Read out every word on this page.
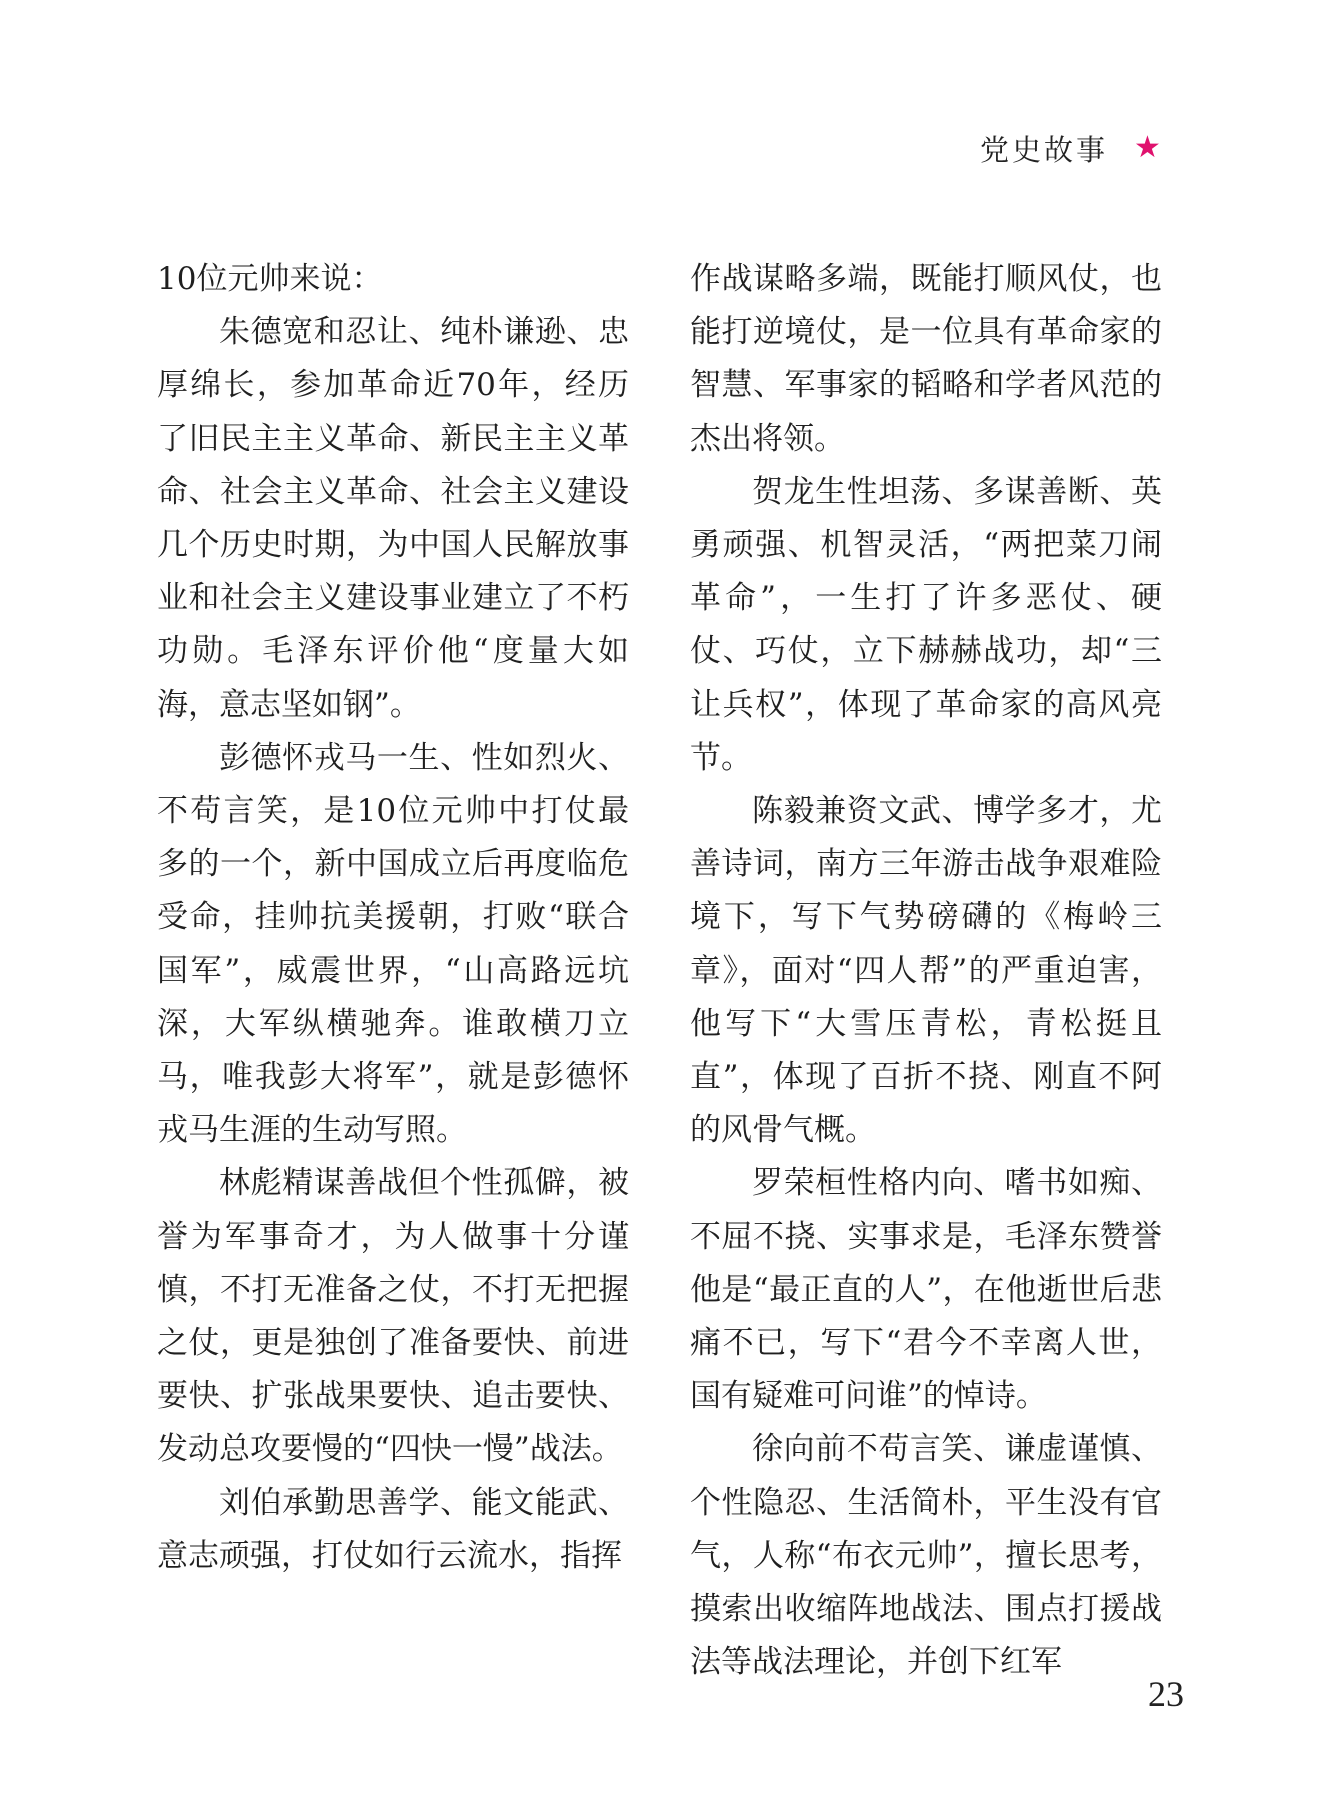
党史故事 ★

10位元帅来说：

朱德宽和忍让、纯朴谦逊、忠厚绵长，参加革命近70年，经历了旧民主主义革命、新民主主义革命、社会主义革命、社会主义建设几个历史时期，为中国人民解放事业和社会主义建设事业建立了不朽功勋。毛泽东评价他“度量大如海，意志坚如钢”。

彭德怀戎马一生、性如烈火、不苟言笑，是10位元帅中打仗最多的一个，新中国成立后再度临危受命，挂帅抗美援朝，打败“联合国军”，威震世界，“山高路远坑深，大军纵横驰奔。谁敢横刀立马，唯我彭大将军”，就是彭德怀戎马生涯的生动写照。

林彪精谋善战但个性孤僻，被誉为军事奇才，为人做事十分谨慎，不打无准备之仗，不打无把握之仗，更是独创了准备要快、前进要快、扩张战果要快、追击要快、发动总攻要慢的“四快一慢”战法。

刘伯承勤思善学、能文能武、意志顽强，打仗如行云流水，指挥

作战谋略多端，既能打顺风仗，也能打逆境仗，是一位具有革命家的智慧、军事家的韬略和学者风范的杰出将领。

贺龙生性坦荡、多谋善断、英勇顽强、机智灵活，“两把菜刀闹革命”，一生打了许多恶仗、硬仗、巧仗，立下赫赫战功，却“三让兵权”，体现了革命家的高风亮节。

陈毅兼资文武、博学多才，尤善诗词，南方三年游击战争艰难险境下，写下气势磅礴的《梅岭三章》，面对“四人帮”的严重迫害，他写下“大雪压青松，青松挺且直”，体现了百折不挠、刚直不阿的风骨气概。

罗荣桓性格内向、嗜书如痴、不屈不挠、实事求是，毛泽东赞誉他是“最正直的人”，在他逝世后悲痛不已，写下“君今不幸离人世，国有疑难可问谁”的悼诗。

徐向前不苟言笑、谦虚谨慎、个性隐忍、生活简朴，平生没有官气，人称“布衣元帅”，擅长思考，摸索出收缩阵地战法、围点打援战法等战法理论，并创下红军

23
